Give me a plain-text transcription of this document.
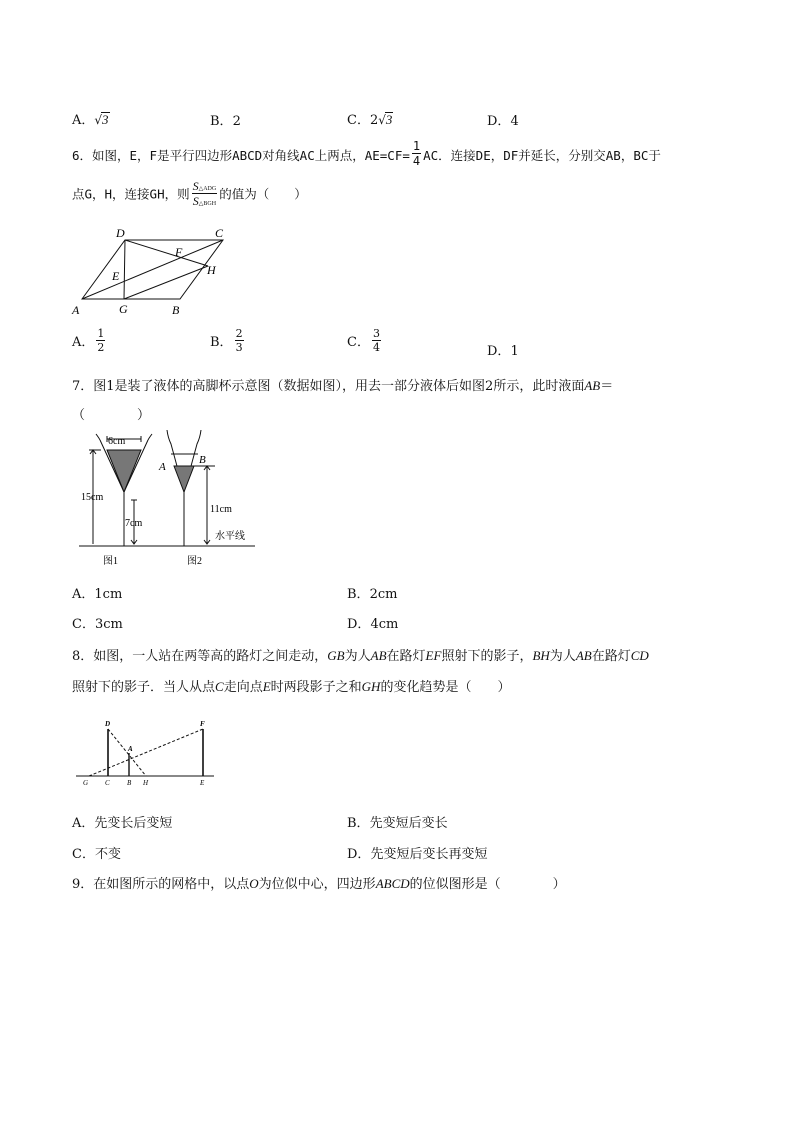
A．√3	B．2	C．2√3	D．4
6．如图，E，F是平行四边形ABCD对角线AC上两点，$AE=CF= \frac{1}{4}$ AC．连接DE，DF并延长，分别交AB，BC于
点G，H，连接GH，则 $\frac{\text{S△ADG}}{\text{S△BGH}}$ 的值为（　　）
D	C
F
H
E
A	G	B
A． $\frac{1}{2}$	B． $\frac{2}{3}$	C． $\frac{3}{4}$	D．1
7．图1是装了液体的高脚杯示意图（数据如图），用去一部分液体后如图2所示，此时液面AB＝
（　　　　）
6cm
15cm
7cm
A
B
11cm
水平线
图1	图2
A．1cm	B．2cm
C．3cm	D．4cm
8．如图，一人站在两等高的路灯之间走动，GB为人AB在路灯EF照射下的影子，BH为人AB在路灯CD
照射下的影子．当人从点C走向点E时两段影子之和GH的变化趋势是（　　）
D	F
A
G C B H	E
A．先变长后变短	B．先变短后变长
C．不变	D．先变短后变长再变短
9．在如图所示的网格中，以点O为位似中心，四边形ABCD的位似图形是（　　　　）
